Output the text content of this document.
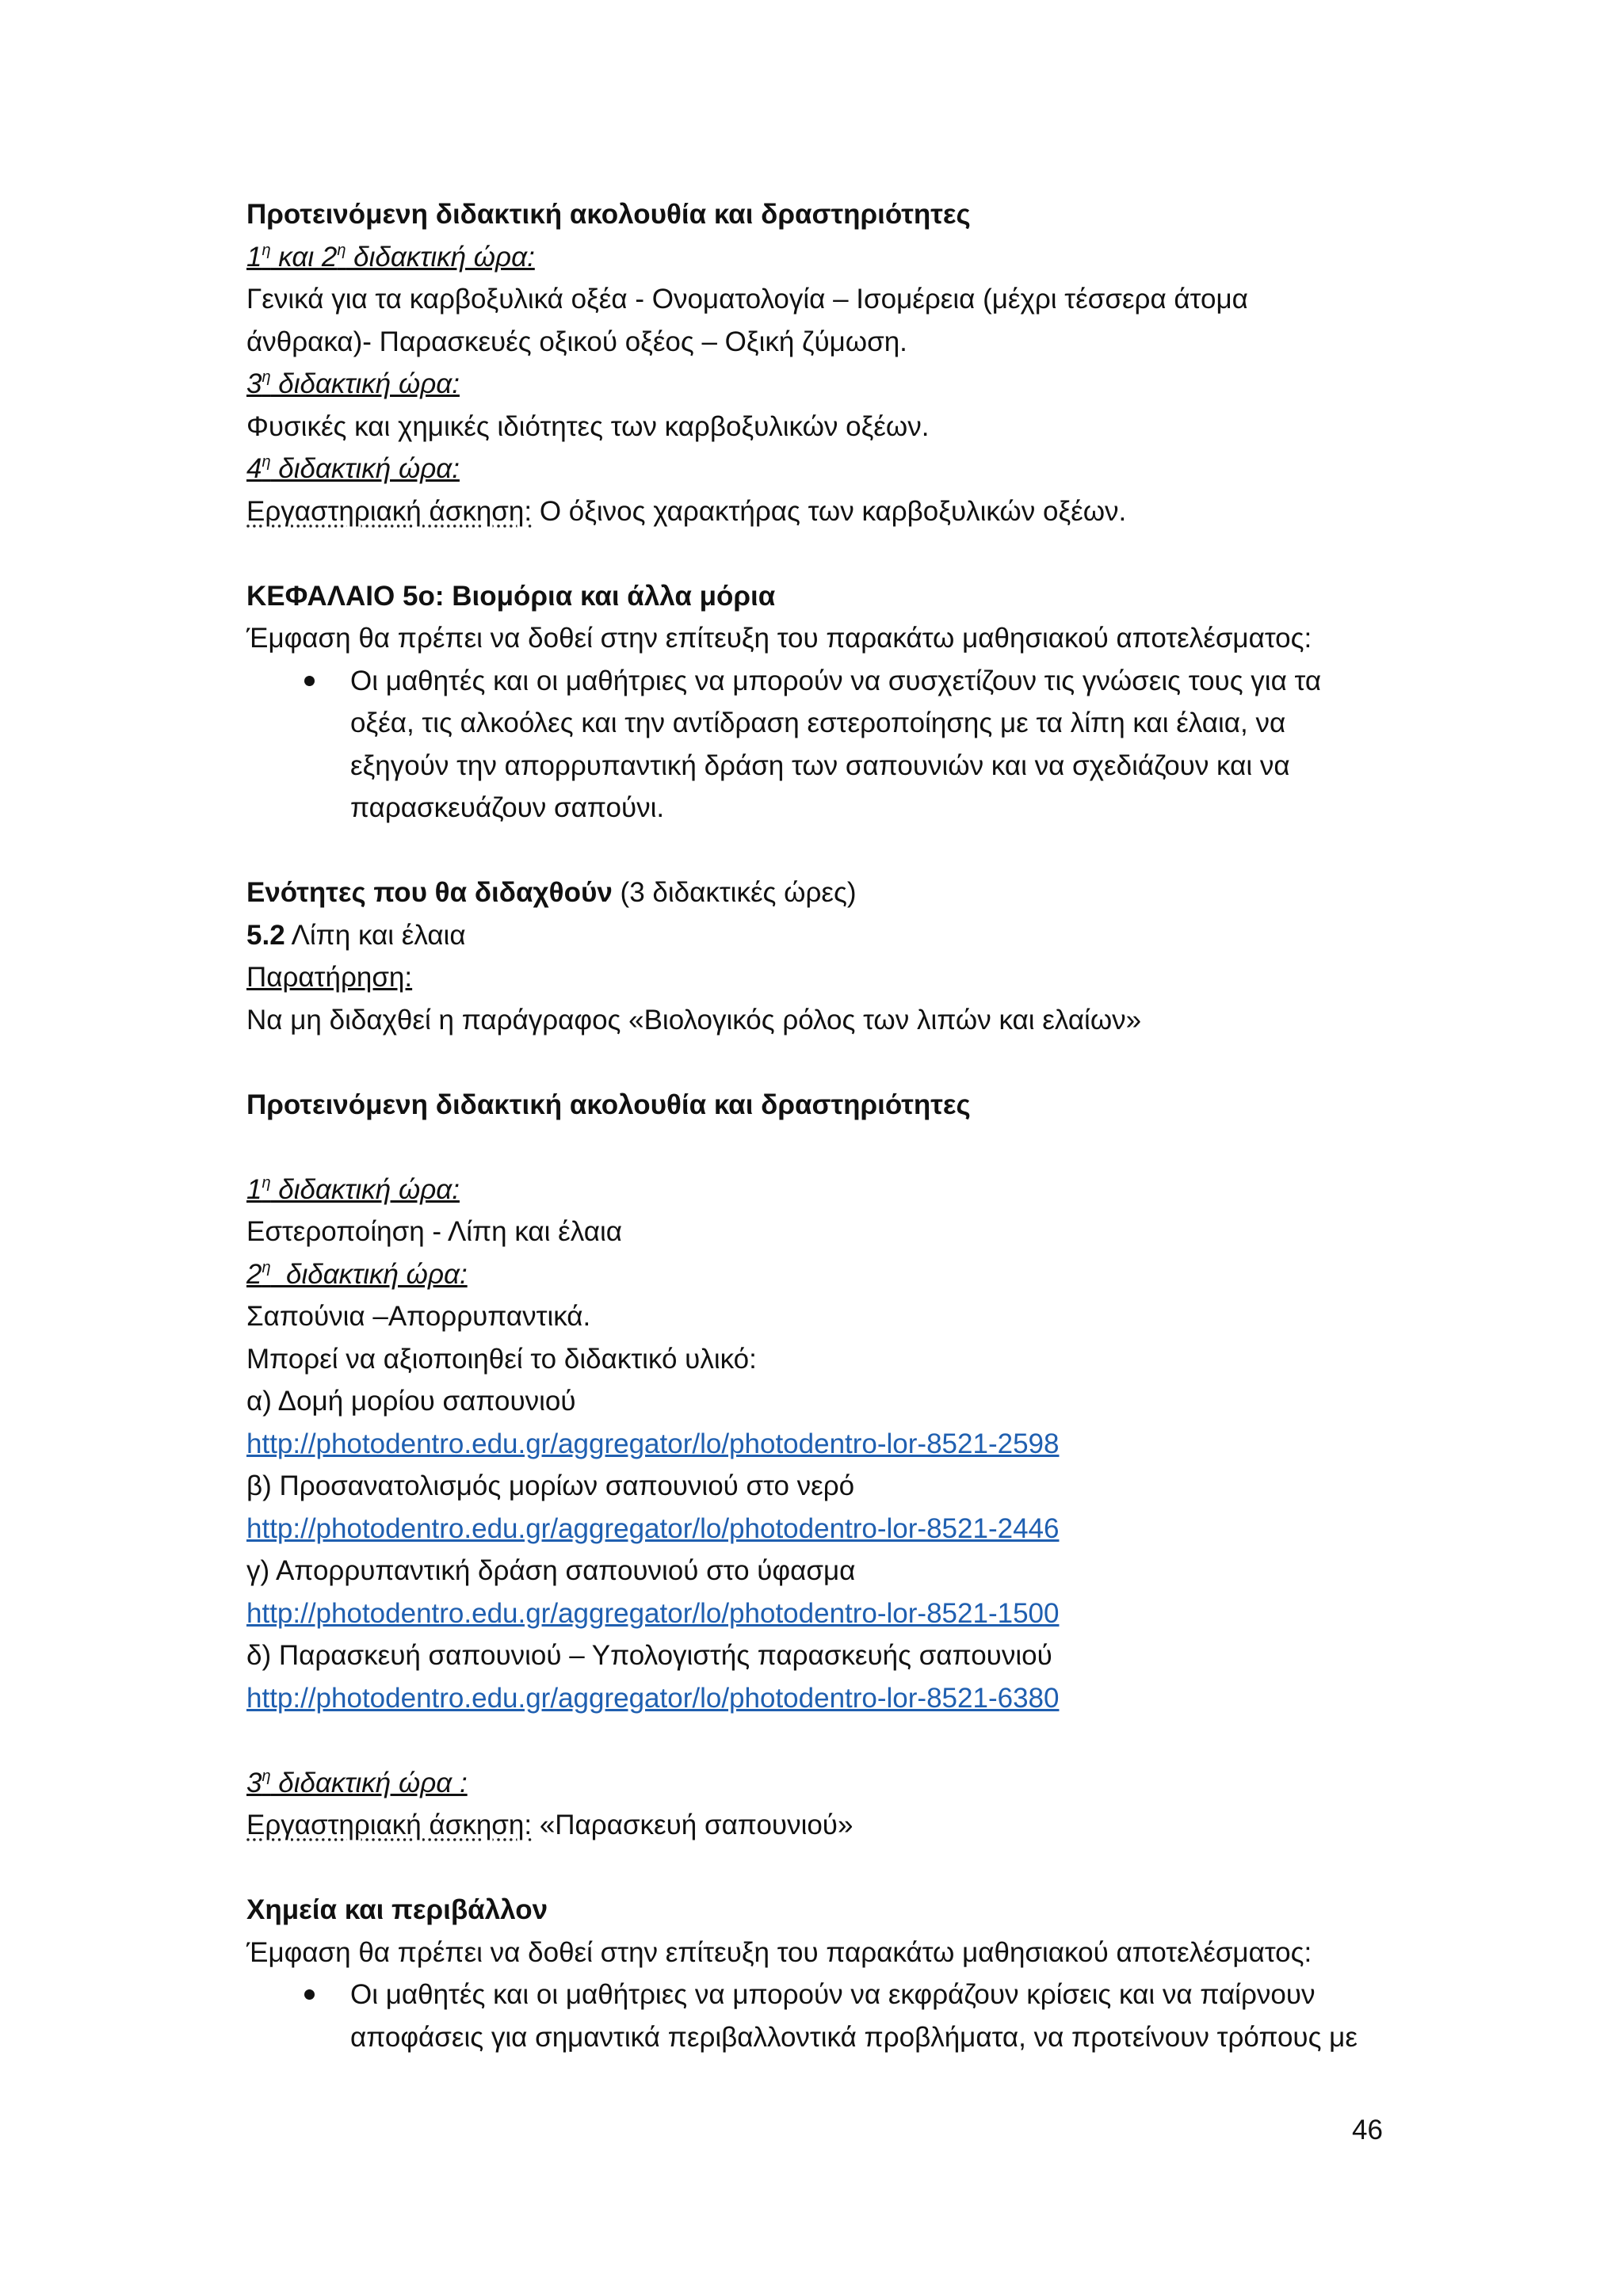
Προτεινόμενη διδακτική ακολουθία και δραστηριότητες
$1^\eta$ και $2^\eta$ διδακτική ώρα:
Γενικά για τα καρβοξυλικά οξέα - Ονοματολογία – Ισομέρεια (μέχρι τέσσερα άτομα
άνθρακα)- Παρασκευές οξικού οξέος – Οξική ζύμωση.
$3^\eta$ διδακτική ώρα:
Φυσικές και χημικές ιδιότητες των καρβοξυλικών οξέων.
$4^\eta$ διδακτική ώρα:
Εργαστηριακή άσκηση: Ο όξινος χαρακτήρας των καρβοξυλικών οξέων.
ΚΕΦΑΛΑΙΟ 5ο: Βιομόρια και άλλα μόρια
Έμφαση θα πρέπει να δοθεί στην επίτευξη του παρακάτω μαθησιακού αποτελέσματος:
Οι μαθητές και οι μαθήτριες να μπορούν να συσχετίζουν τις γνώσεις τους για τα
οξέα, τις αλκοόλες και την αντίδραση εστεροποίησης με τα λίπη και έλαια, να
εξηγούν την απορρυπαντική δράση των σαπουνιών και να σχεδιάζουν και να
παρασκευάζουν σαπούνι.
Ενότητες που θα διδαχθούν (3 διδακτικές ώρες)
5.2 Λίπη και έλαια
Παρατήρηση:
Να μη διδαχθεί η παράγραφος «Βιολογικός ρόλος των λιπών και ελαίων»
Προτεινόμενη διδακτική ακολουθία και δραστηριότητες
$1^\eta$ διδακτική ώρα:
Εστεροποίηση - Λίπη και έλαια
$2^\eta$  διδακτική ώρα:
Σαπούνια –Απορρυπαντικά.
Μπορεί να αξιοποιηθεί το διδακτικό υλικό:
α) Δομή μορίου σαπουνιού
http://photodentro.edu.gr/aggregator/lo/photodentro-lor-8521-2598
β) Προσανατολισμός μορίων σαπουνιού στο νερό
http://photodentro.edu.gr/aggregator/lo/photodentro-lor-8521-2446
γ) Απορρυπαντική δράση σαπουνιού στο ύφασμα
http://photodentro.edu.gr/aggregator/lo/photodentro-lor-8521-1500
δ) Παρασκευή σαπουνιού – Υπολογιστής παρασκευής σαπουνιού
http://photodentro.edu.gr/aggregator/lo/photodentro-lor-8521-6380
$3^\eta$ διδακτική ώρα :
Εργαστηριακή άσκηση: «Παρασκευή σαπουνιού»
Χημεία και περιβάλλον
Έμφαση θα πρέπει να δοθεί στην επίτευξη του παρακάτω μαθησιακού αποτελέσματος:
Οι μαθητές και οι μαθήτριες να μπορούν να εκφράζουν κρίσεις και να παίρνουν
αποφάσεις για σημαντικά περιβαλλοντικά προβλήματα, να προτείνουν τρόπους με
46
